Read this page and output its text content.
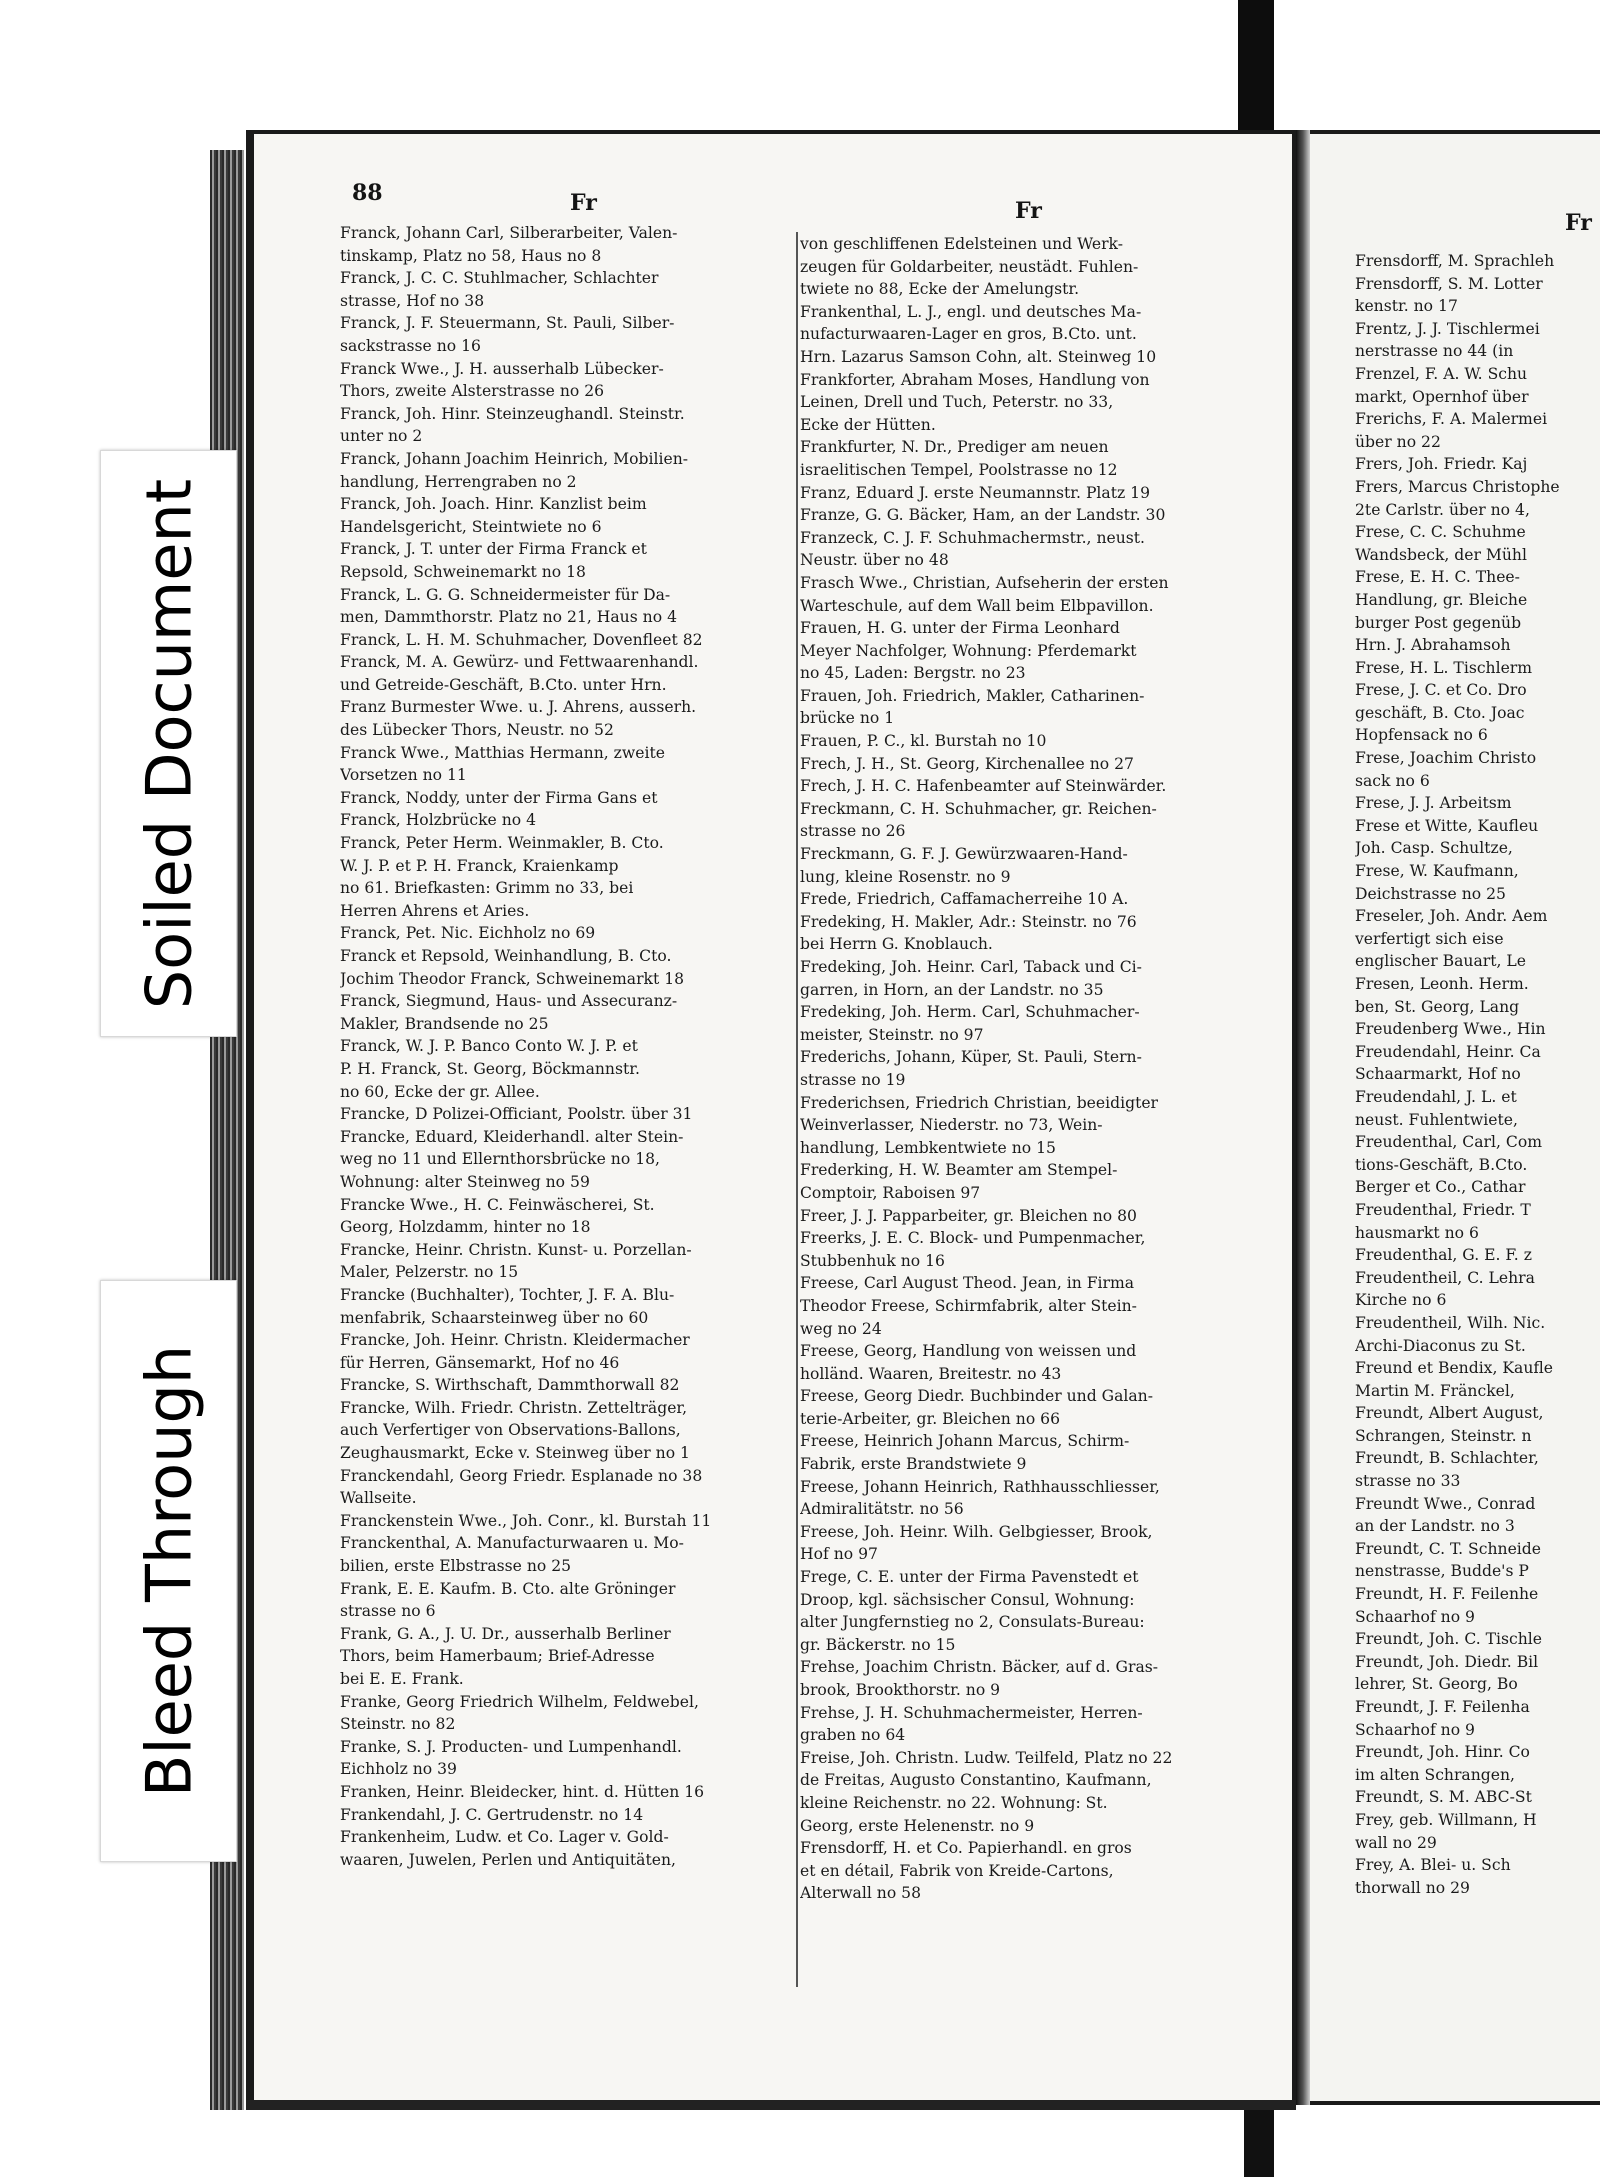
88	Fr	Fr
Franck, Johann Carl, Silberarbeiter, Valen-
tinskamp, Platz no 58, Haus no 8
Franck, J. C. C. Stuhlmacher, Schlachter
strasse, Hof no 38
Franck, J. F. Steuermann, St. Pauli, Silber-
sackstrasse no 16
Franck Wwe., J. H. ausserhalb Lübecker-
Thors, zweite Alsterstrasse no 26
Franck, Joh. Hinr. Steinzeughandl. Steinstr.
unter no 2
Franck, Johann Joachim Heinrich, Mobilien-
handlung, Herrengraben no 2
Franck, Joh. Joach. Hinr. Kanzlist beim
Handelsgericht, Steintwiete no 6
Franck, J. T. unter der Firma Franck et
Repsold, Schweinemarkt no 18
Franck, L. G. G. Schneidermeister für Da-
men, Dammthorstr. Platz no 21, Haus no 4
Franck, L. H. M. Schuhmacher, Dovenfleet 82
Franck, M. A. Gewürz- und Fettwaarenhandl.
und Getreide-Geschäft, B.Cto. unter Hrn.
Franz Burmester Wwe. u. J. Ahrens, ausserh.
des Lübecker Thors, Neustr. no 52
Franck Wwe., Matthias Hermann, zweite
Vorsetzen no 11
Franck, Noddy, unter der Firma Gans et
Franck, Holzbrücke no 4
Franck, Peter Herm. Weinmakler, B. Cto.
W. J. P. et P. H. Franck, Kraienkamp
no 61. Briefkasten: Grimm no 33, bei
Herren Ahrens et Aries.
Franck, Pet. Nic. Eichholz no 69
Franck et Repsold, Weinhandlung, B. Cto.
Jochim Theodor Franck, Schweinemarkt 18
Franck, Siegmund, Haus- und Assecuranz-
Makler, Brandsende no 25
Franck, W. J. P. Banco Conto W. J. P. et
P. H. Franck, St. Georg, Böckmannstr.
no 60, Ecke der gr. Allee.
Francke, D Polizei-Officiant, Poolstr. über 31
Francke, Eduard, Kleiderhandl. alter Stein-
weg no 11 und Ellernthorsbrücke no 18,
Wohnung: alter Steinweg no 59
Francke Wwe., H. C. Feinwäscherei, St.
Georg, Holzdamm, hinter no 18
Francke, Heinr. Christn. Kunst- u. Porzellan-
Maler, Pelzerstr. no 15
Francke (Buchhalter), Tochter, J. F. A. Blu-
menfabrik, Schaarsteinweg über no 60
Francke, Joh. Heinr. Christn. Kleidermacher
für Herren, Gänsemarkt, Hof no 46
Francke, S. Wirthschaft, Dammthorwall 82
Francke, Wilh. Friedr. Christn. Zettelträger,
auch Verfertiger von Observations-Ballons,
Zeughausmarkt, Ecke v. Steinweg über no 1
Franckendahl, Georg Friedr. Esplanade no 38
Wallseite.
Franckenstein Wwe., Joh. Conr., kl. Burstah 11
Franckenthal, A. Manufacturwaaren u. Mo-
bilien, erste Elbstrasse no 25
Frank, E. E. Kaufm. B. Cto. alte Gröninger
strasse no 6
Frank, G. A., J. U. Dr., ausserhalb Berliner
Thors, beim Hamerbaum; Brief-Adresse
bei E. E. Frank.
Franke, Georg Friedrich Wilhelm, Feldwebel,
Steinstr. no 82
Franke, S. J. Producten- und Lumpenhandl.
Eichholz no 39
Franken, Heinr. Bleidecker, hint. d. Hütten 16
Frankendahl, J. C. Gertrudenstr. no 14
Frankenheim, Ludw. et Co. Lager v. Gold-
waaren, Juwelen, Perlen und Antiquitäten,
von geschliffenen Edelsteinen und Werk-
zeugen für Goldarbeiter, neustädt. Fuhlen-
twiete no 88, Ecke der Amelungstr.
Frankenthal, L. J., engl. und deutsches Ma-
nufacturwaaren-Lager en gros, B.Cto. unt.
Hrn. Lazarus Samson Cohn, alt. Steinweg 10
Frankforter, Abraham Moses, Handlung von
Leinen, Drell und Tuch, Peterstr. no 33,
Ecke der Hütten.
Frankfurter, N. Dr., Prediger am neuen
israelitischen Tempel, Poolstrasse no 12
Franz, Eduard J. erste Neumannstr. Platz 19
Franze, G. G. Bäcker, Ham, an der Landstr. 30
Franzeck, C. J. F. Schuhmachermstr., neust.
Neustr. über no 48
Frasch Wwe., Christian, Aufseherin der ersten
Warteschule, auf dem Wall beim Elbpavillon.
Frauen, H. G. unter der Firma Leonhard
Meyer Nachfolger, Wohnung: Pferdemarkt
no 45, Laden: Bergstr. no 23
Frauen, Joh. Friedrich, Makler, Catharinen-
brücke no 1
Frauen, P. C., kl. Burstah no 10
Frech, J. H., St. Georg, Kirchenallee no 27
Frech, J. H. C. Hafenbeamter auf Steinwärder.
Freckmann, C. H. Schuhmacher, gr. Reichen-
strasse no 26
Freckmann, G. F. J. Gewürzwaaren-Hand-
lung, kleine Rosenstr. no 9
Frede, Friedrich, Caffamacherreihe 10 A.
Fredeking, H. Makler, Adr.: Steinstr. no 76
bei Herrn G. Knoblauch.
Fredeking, Joh. Heinr. Carl, Taback und Ci-
garren, in Horn, an der Landstr. no 35
Fredeking, Joh. Herm. Carl, Schuhmacher-
meister, Steinstr. no 97
Frederichs, Johann, Küper, St. Pauli, Stern-
strasse no 19
Frederichsen, Friedrich Christian, beeidigter
Weinverlasser, Niederstr. no 73, Wein-
handlung, Lembkentwiete no 15
Frederking, H. W. Beamter am Stempel-
Comptoir, Raboisen 97
Freer, J. J. Papparbeiter, gr. Bleichen no 80
Freerks, J. E. C. Block- und Pumpenmacher,
Stubbenhuk no 16
Freese, Carl August Theod. Jean, in Firma
Theodor Freese, Schirmfabrik, alter Stein-
weg no 24
Freese, Georg, Handlung von weissen und
holländ. Waaren, Breitestr. no 43
Freese, Georg Diedr. Buchbinder und Galan-
terie-Arbeiter, gr. Bleichen no 66
Freese, Heinrich Johann Marcus, Schirm-
Fabrik, erste Brandstwiete 9
Freese, Johann Heinrich, Rathhausschliesser,
Admiralitätstr. no 56
Freese, Joh. Heinr. Wilh. Gelbgiesser, Brook,
Hof no 97
Frege, C. E. unter der Firma Pavenstedt et
Droop, kgl. sächsischer Consul, Wohnung:
alter Jungfernstieg no 2, Consulats-Bureau:
gr. Bäckerstr. no 15
Frehse, Joachim Christn. Bäcker, auf d. Gras-
brook, Brookthorstr. no 9
Frehse, J. H. Schuhmachermeister, Herren-
graben no 64
Freise, Joh. Christn. Ludw. Teilfeld, Platz no 22
de Freitas, Augusto Constantino, Kaufmann,
kleine Reichenstr. no 22. Wohnung: St.
Georg, erste Helenenstr. no 9
Frensdorff, H. et Co. Papierhandl. en gros
et en détail, Fabrik von Kreide-Cartons,
Alterwall no 58
Fr
Frensdorff, M. Sprachleh
Frensdorff, S. M. Lotter
kenstr. no 17
Frentz, J. J. Tischlermei
nerstrasse no 44 (in
Frenzel, F. A. W. Schu
markt, Opernhof über
Frerichs, F. A. Malermei
über no 22
Frers, Joh. Friedr. Kaj
Frers, Marcus Christophe
2te Carlstr. über no 4,
Frese, C. C. Schuhme
Wandsbeck, der Mühl
Frese, E. H. C. Thee-
Handlung, gr. Bleiche
burger Post gegenüb
Hrn. J. Abrahamsoh
Frese, H. L. Tischlerm
Frese, J. C. et Co. Dro
geschäft, B. Cto. Joac
Hopfensack no 6
Frese, Joachim Christo
sack no 6
Frese, J. J. Arbeitsm
Frese et Witte, Kaufleu
Joh. Casp. Schultze,
Frese, W. Kaufmann,
Deichstrasse no 25
Freseler, Joh. Andr. Aem
verfertigt sich eise
englischer Bauart, Le
Fresen, Leonh. Herm.
ben, St. Georg, Lang
Freudenberg Wwe., Hin
Freudendahl, Heinr. Ca
Schaarmarkt, Hof no
Freudendahl, J. L. et
neust. Fuhlentwiete,
Freudenthal, Carl, Com
tions-Geschäft, B.Cto.
Berger et Co., Cathar
Freudenthal, Friedr. T
hausmarkt no 6
Freudenthal, G. E. F. z
Freudentheil, C. Lehra
Kirche no 6
Freudentheil, Wilh. Nic.
Archi-Diaconus zu St.
Freund et Bendix, Kaufle
Martin M. Fränckel,
Freundt, Albert August,
Schrangen, Steinstr. n
Freundt, B. Schlachter,
strasse no 33
Freundt Wwe., Conrad
an der Landstr. no 3
Freundt, C. T. Schneide
nenstrasse, Budde's P
Freundt, H. F. Feilenhe
Schaarhof no 9
Freundt, Joh. C. Tischle
Freundt, Joh. Diedr. Bil
lehrer, St. Georg, Bo
Freundt, J. F. Feilenha
Schaarhof no 9
Freundt, Joh. Hinr. Co
im alten Schrangen,
Freundt, S. M. ABC-St
Frey, geb. Willmann, H
wall no 29
Frey, A. Blei- u. Sch
thorwall no 29
Soiled Document
Bleed Through
